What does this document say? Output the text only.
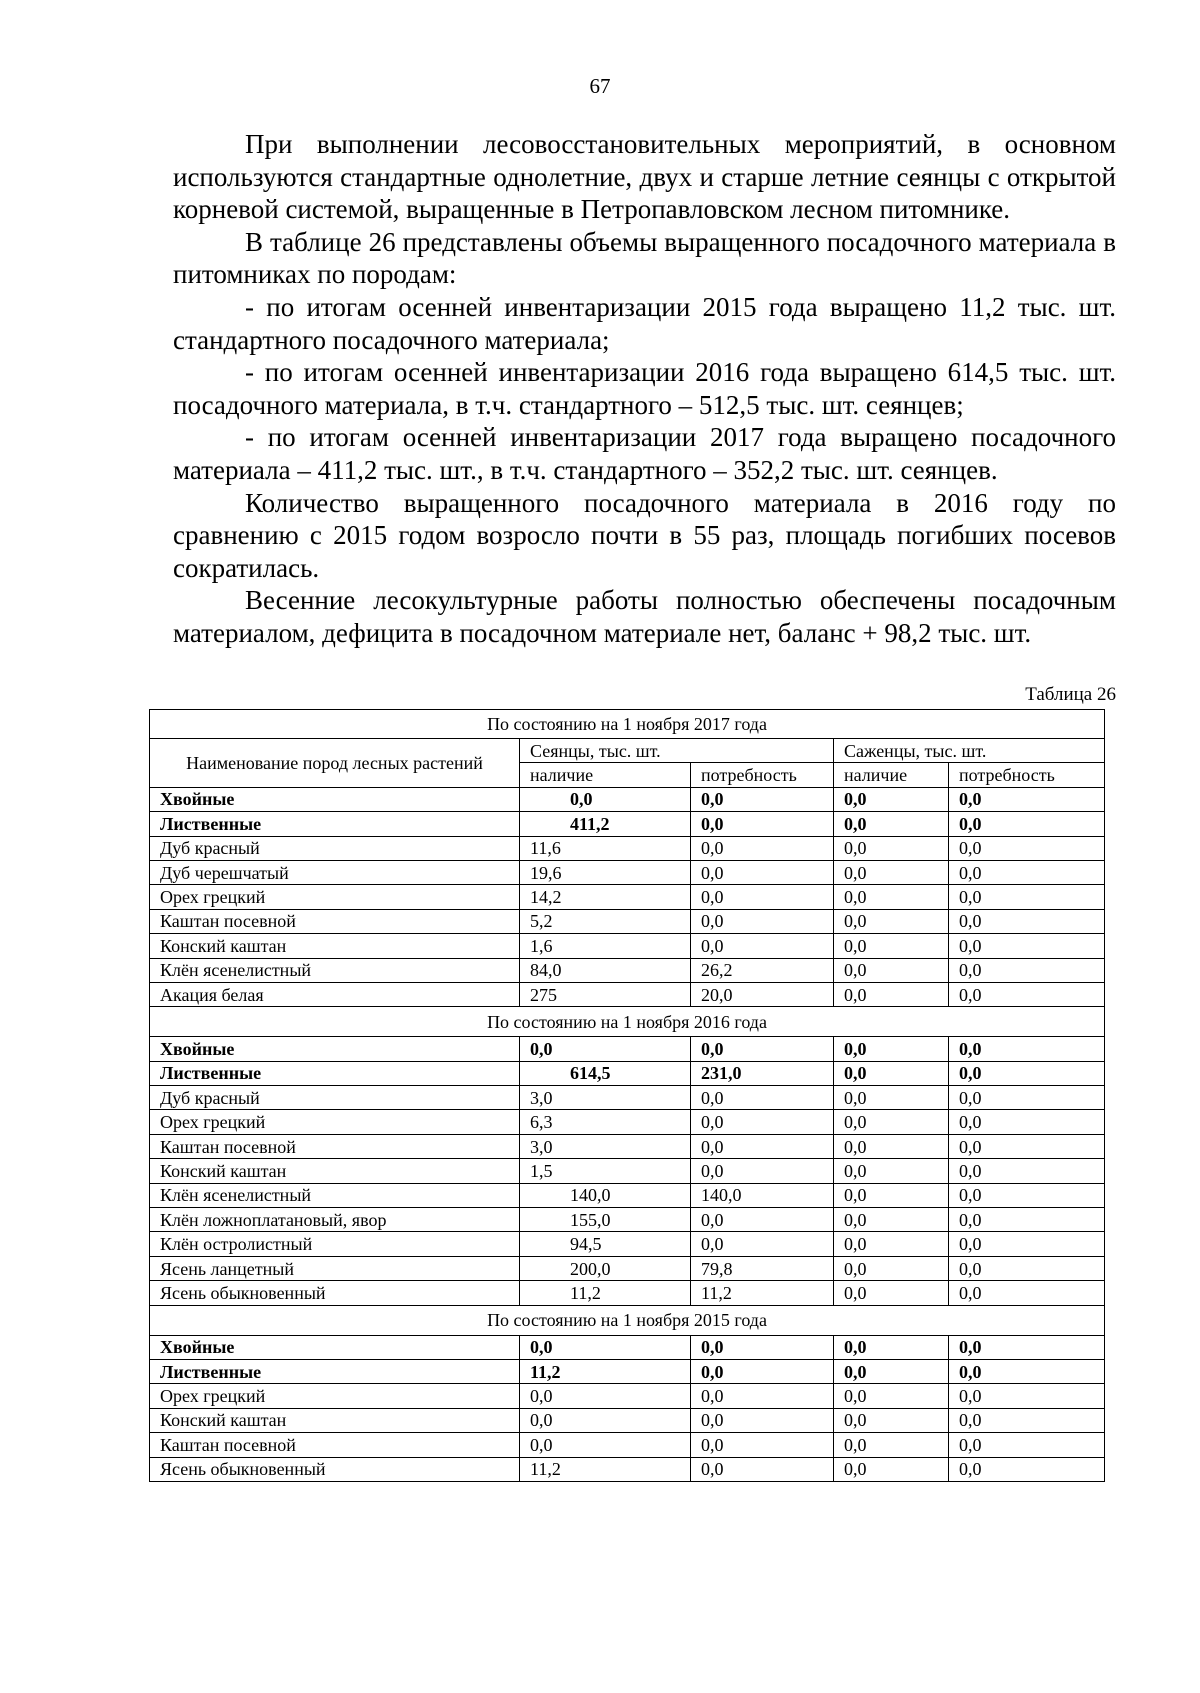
67

При выполнении лесовосстановительных мероприятий, в основном используются стандартные однолетние, двух и старше летние сеянцы с открытой корневой системой, выращенные в Петропавловском лесном питомнике.

В таблице 26 представлены объемы выращенного посадочного материала в питомниках по породам:

- по итогам осенней инвентаризации 2015 года выращено 11,2 тыс. шт. стандартного посадочного материала;

- по итогам осенней инвентаризации 2016 года выращено 614,5 тыс. шт. посадочного материала, в т.ч. стандартного – 512,5 тыс. шт. сеянцев;

- по итогам осенней инвентаризации 2017 года выращено посадочного материала – 411,2 тыс. шт., в т.ч. стандартного – 352,2 тыс. шт. сеянцев.

Количество выращенного посадочного материала в 2016 году по сравнению с 2015 годом возросло почти в 55 раз, площадь погибших посевов сократилась.

Весенние лесокультурные работы полностью обеспечены посадочным материалом, дефицита в посадочном материале нет, баланс + 98,2 тыс. шт.

Таблица 26
По состоянию на 1 ноября 2017 года				
Наименование пород лесных растений	Сеянцы, тыс. шт.		Саженцы, тыс. шт.	
	наличие	потребность	наличие	потребность
Хвойные	0,0	0,0	0,0	0,0
Лиственные	411,2	0,0	0,0	0,0
Дуб красный	11,6	0,0	0,0	0,0
Дуб черешчатый	19,6	0,0	0,0	0,0
Орех грецкий	14,2	0,0	0,0	0,0
Каштан посевной	5,2	0,0	0,0	0,0
Конский каштан	1,6	0,0	0,0	0,0
Клён ясенелистный	84,0	26,2	0,0	0,0
Акация белая	275	20,0	0,0	0,0
По состоянию на 1 ноября 2016 года				
Хвойные	0,0	0,0	0,0	0,0
Лиственные	614,5	231,0	0,0	0,0
Дуб красный	3,0	0,0	0,0	0,0
Орех грецкий	6,3	0,0	0,0	0,0
Каштан посевной	3,0	0,0	0,0	0,0
Конский каштан	1,5	0,0	0,0	0,0
Клён ясенелистный	140,0	140,0	0,0	0,0
Клён ложноплатановый, явор	155,0	0,0	0,0	0,0
Клён остролистный	94,5	0,0	0,0	0,0
Ясень ланцетный	200,0	79,8	0,0	0,0
Ясень обыкновенный	11,2	11,2	0,0	0,0
По состоянию на 1 ноября 2015 года				
Хвойные	0,0	0,0	0,0	0,0
Лиственные	11,2	0,0	0,0	0,0
Орех грецкий	0,0	0,0	0,0	0,0
Конский каштан	0,0	0,0	0,0	0,0
Каштан посевной	0,0	0,0	0,0	0,0
Ясень обыкновенный	11,2	0,0	0,0	0,0
